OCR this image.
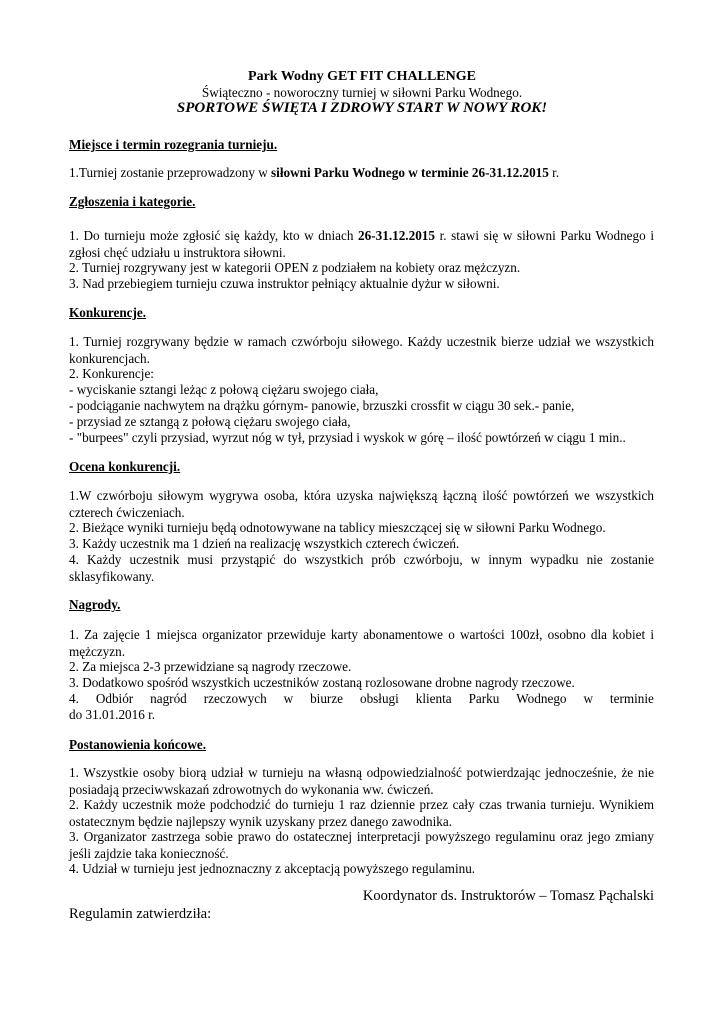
Park Wodny GET FIT CHALLENGE
Świąteczno - noworoczny turniej w siłowni Parku Wodnego.
SPORTOWE ŚWIĘTA I ZDROWY START W NOWY ROK!
Miejsce i termin rozegrania turnieju.
1.Turniej zostanie przeprowadzony w siłowni Parku Wodnego w terminie 26-31.12.2015 r.
Zgłoszenia i kategorie.
1. Do turnieju może zgłosić się każdy, kto w dniach 26-31.12.2015 r. stawi się w siłowni Parku Wodnego i zgłosi chęć udziału u instruktora siłowni.
2. Turniej rozgrywany jest w kategorii OPEN z podziałem na kobiety oraz mężczyzn.
3. Nad przebiegiem turnieju czuwa instruktor pełniący aktualnie dyżur w siłowni.
Konkurencje.
1. Turniej rozgrywany będzie w ramach czwórboju siłowego. Każdy uczestnik bierze udział we wszystkich konkurencjach.
2. Konkurencje:
- wyciskanie sztangi leżąc z połową ciężaru swojego ciała,
- podciąganie nachwytem na drążku górnym- panowie, brzuszki crossfit w ciągu 30 sek.- panie,
- przysiad ze sztangą z połową ciężaru swojego ciała,
- "burpees" czyli przysiad, wyrzut nóg w tył, przysiad i wyskok w górę – ilość powtórzeń w ciągu 1 min..
Ocena konkurencji.
1.W czwórboju siłowym wygrywa osoba, która uzyska największą łączną ilość powtórzeń we wszystkich czterech ćwiczeniach.
2. Bieżące wyniki turnieju będą odnotowywane na tablicy mieszczącej się w siłowni Parku Wodnego.
3. Każdy uczestnik ma 1 dzień na realizację wszystkich czterech ćwiczeń.
4. Każdy uczestnik musi przystąpić do wszystkich prób czwórboju, w innym wypadku nie zostanie sklasyfikowany.
Nagrody.
1. Za zajęcie 1 miejsca organizator przewiduje karty abonamentowe o wartości 100zł, osobno dla kobiet i mężczyzn.
2. Za miejsca 2-3 przewidziane są nagrody rzeczowe.
3. Dodatkowo spośród wszystkich uczestników zostaną rozlosowane drobne nagrody rzeczowe.
4. Odbiór nagród rzeczowych w biurze obsługi klienta Parku Wodnego w terminie
do 31.01.2016 r.
Postanowienia końcowe.
1. Wszystkie osoby biorą udział w turnieju na własną odpowiedzialność potwierdzając jednocześnie, że nie posiadają przeciwwskazań zdrowotnych do wykonania ww. ćwiczeń.
2. Każdy uczestnik może podchodzić do turnieju 1 raz dziennie przez cały czas trwania turnieju. Wynikiem ostatecznym będzie najlepszy wynik uzyskany przez danego zawodnika.
3. Organizator zastrzega sobie prawo do ostatecznej interpretacji powyższego regulaminu oraz jego zmiany jeśli zajdzie taka konieczność.
4. Udział w turnieju jest jednoznaczny z akceptacją powyższego regulaminu.
Koordynator ds. Instruktorów – Tomasz Pąchalski
Regulamin zatwierdziła:
